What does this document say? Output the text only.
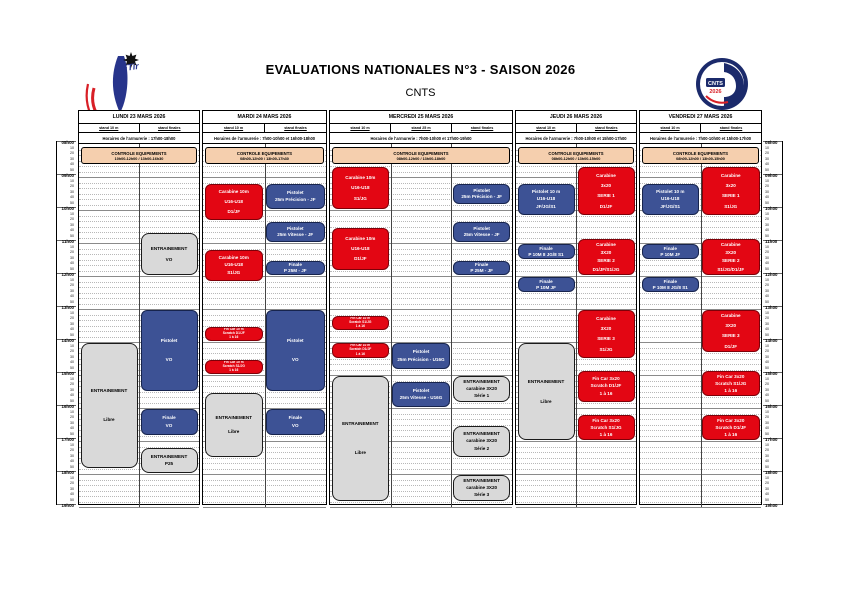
FFTir	EVALUATIONS NATIONALES N°3 - SAISON 2026
CNTS
CNTS
2026
08h00
10
20
30
40
50
09h00
10
20
30
40
50
10h00
10
20
30
40
50
11h00
10
20
30
40
50
12h00
10
20
30
40
50
13h00
10
20
30
40
50
14h00
10
20
30
40
50
15h00
10
20
30
40
50
16h00
10
20
30
40
50
17h00
10
20
30
40
50
18h00
10
20
30
40
50
19h00
08h00
10
20
30
40
50
09h00
10
20
30
40
50
10h00
10
20
30
40
50
11h00
10
20
30
40
50
12h00
10
20
30
40
50
13h00
10
20
30
40
50
14h00
10
20
30
40
50
15h00
10
20
30
40
50
16h00
10
20
30
40
50
17h00
10
20
30
40
50
18h00
10
20
30
40
50
19h00
LUNDI 23 MARS 2026
stand 10 m	stand finales
Horaires de l'armurerie : 17h00-18h00
CONTROLE EQUIPEMENTS
10h00-12h00 / 13h00-16h30
ENTRAINEMENT
VO
Pistolet
VO
ENTRAINEMENT
Libre	Finale
VO
ENTRAINEMENT
P25
MARDI 24 MARS 2026
stand 10 m	stand finales
Horaires de l'armurerie : 7h00-10h00 et 16h00-18h00
CONTROLE EQUIPEMENTS
08h00-12h00 / 13h00-17h30
Carabine 10m
U16-U18
D1/JF
Pistolet
25m Précision - JF
Pistolet
25m Vitesse - JF
Carabine 10m
U16-U18
S1/JG
Finale
P 25M - JF
Pistolet
VO
Fin Car 10 m
Scratch D1/JF
1 à 16
Fin Car 10 m
Scratch S1/JG
1 à 16
ENTRAINEMENT
Libre
Finale
VO
MERCREDI 25 MARS 2026
stand 10 m	stand 25 m	stand finales
Horaires de l'armurerie : 7h00-10h00 et 17h00-19h00
CONTROLE EQUIPEMENTS
08h00-12h00 / 13h00-18h00
Carabine 10m
U16-U18
S1/JG
Pistolet
25m Précision - JF
Pistolet
25m Vitesse - JF
Carabine 10m
U16-U18
D1/JF
Finale
P 25M - JF
Fin Car 10 m
Scratch S1/JG
1 à 16
Fin Car 10 m
Scratch D1/JF
1 à 16	Pistolet
25m Précision - U16G
ENTRAINEMENT
Libre
ENTRAINEMENT
carabine 3X20
Série 1
Pistolet
25m Vitesse - U16G
ENTRAINEMENT
carabine 3X20
Série 2
ENTRAINEMENT
carabine 3X20
Série 3
JEUDI 26 MARS 2026
stand 10 m	stand finales
Horaires de l'armurerie : 7h00-10h00 et 15h00-17h00
CONTROLE EQUIPEMENTS
08h00-12h00 / 13h00-15h00
Carabine
3x20
SERIE 1
D1/JF
Pistolet 10 m
U16-U18
JF/JG/S1
Carabine
3X20
SERIE 2
D1/JF/S1/JG
Finale
P 10M 8 JG/8 S1
Finale
P 10M JF
Carabine
3X20
SERIE 3
S1/JG
ENTRAINEMENT
Libre
Fin Car 3x20
Scratch D1/JF
1 à 16
Fin Car 3x20
Scratch S1/JG
1 à 16
VENDREDI 27 MARS 2026
stand 10 m	stand finales
Horaires de l'armurerie : 7h00-10h00 et 15h00-17h00
CONTROLE EQUIPEMENTS
08h00-12h00 / 13h00-15h00
Carabine
3x20
SERIE 1
S1/JG
Pistolet 10 m
U16-U18
JF/JG/S1
Carabine
3X20
SERIE 2
S1/JG/D1/JF
Finale
P 10M JF
Finale
P 10M 8 JG/8 S1
Carabine
3X20
SERIE 3
D1/JF
Fin Car 3x20
Scratch S1/JG
1 à 16
Fin Car 3x20
Scratch D1/JF
1 à 16
